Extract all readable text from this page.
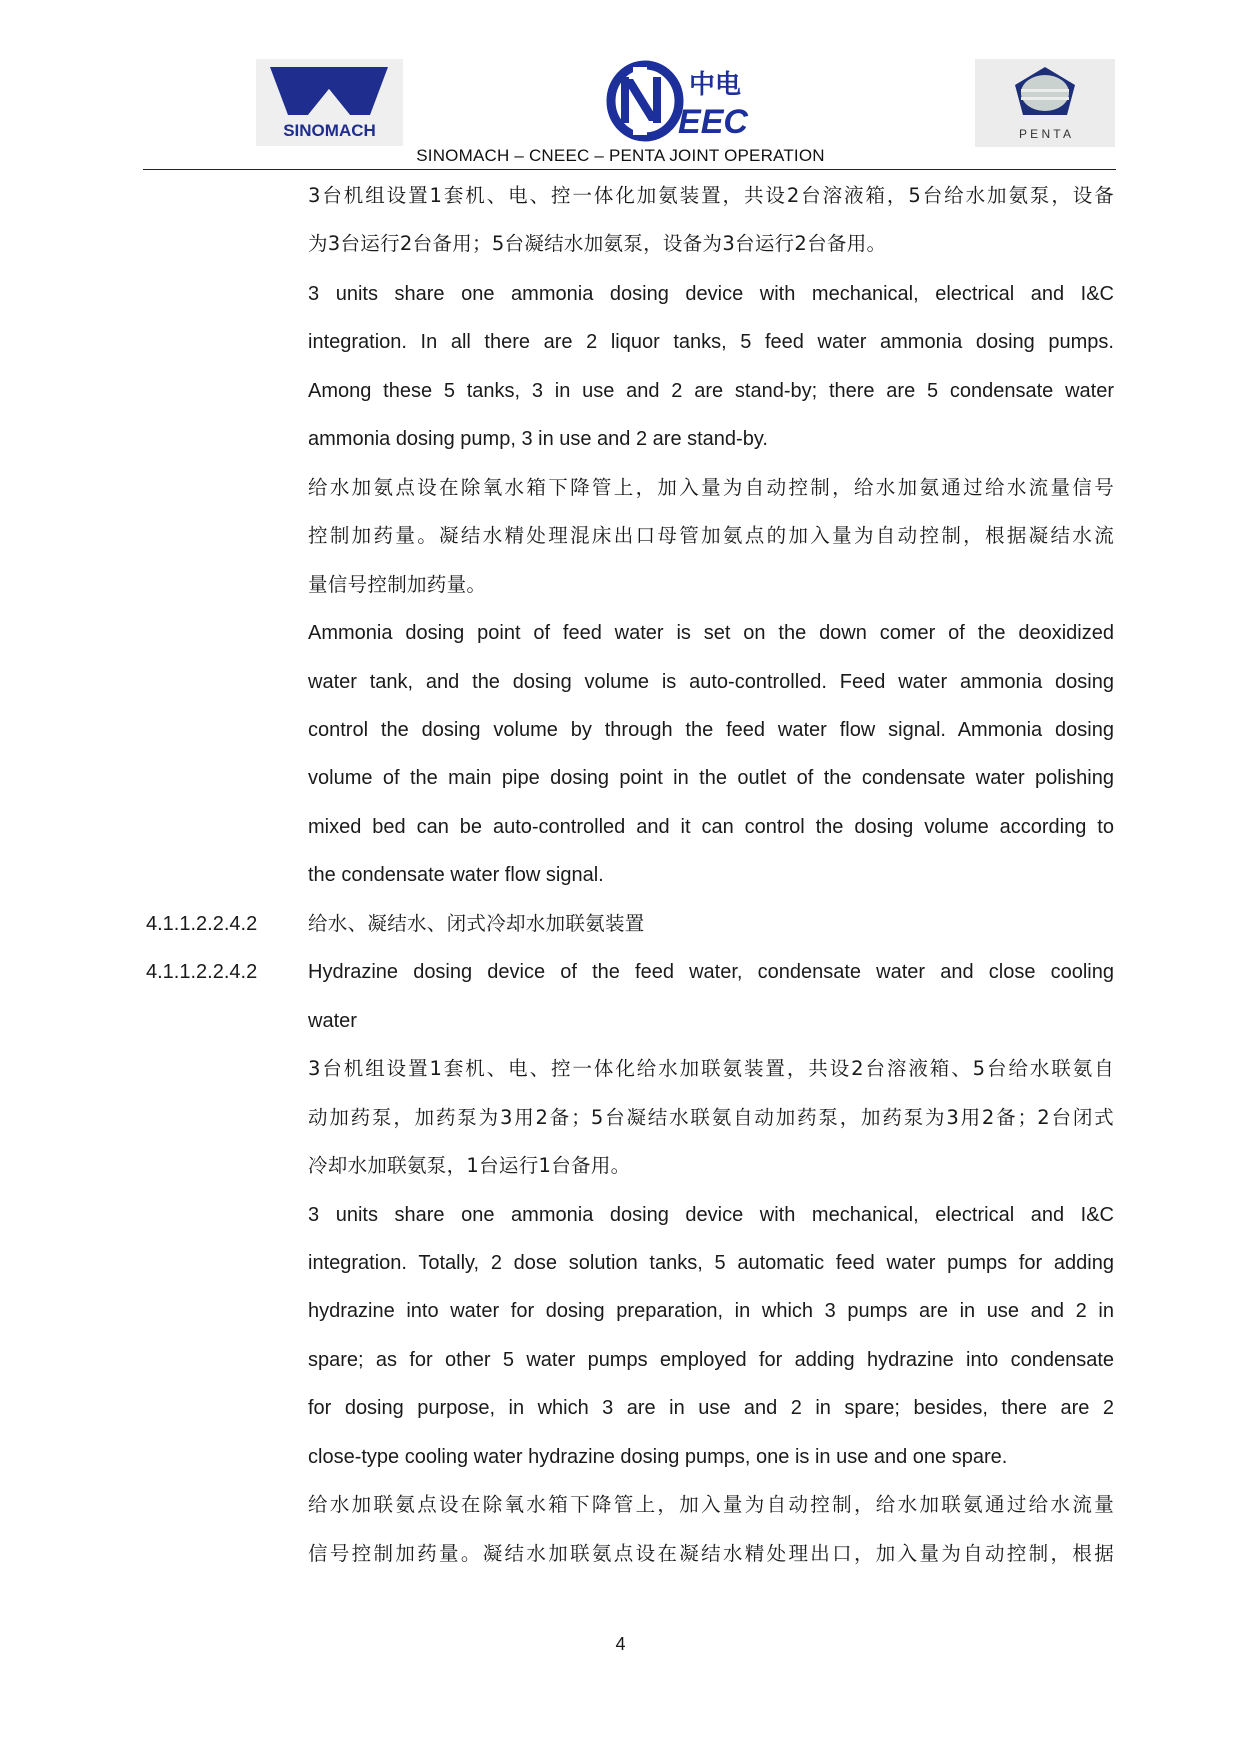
SINOMACH
中电
EEC	P E N T A
SINOMACH – CNEEC – PENTA JOINT OPERATION
3台机组设置1套机、电、控一体化加氨装置，共设2台溶液箱，5台给水加氨泵，设备
为3台运行2台备用；5台凝结水加氨泵，设备为3台运行2台备用。
3 units share one ammonia dosing device with mechanical, electrical and I&C
integration. In all there are 2 liquor tanks, 5 feed water ammonia dosing pumps.
Among these 5 tanks, 3 in use and 2 are stand-by; there are 5 condensate water
ammonia dosing pump, 3 in use and 2 are stand-by.
给水加氨点设在除氧水箱下降管上，加入量为自动控制，给水加氨通过给水流量信号
控制加药量。凝结水精处理混床出口母管加氨点的加入量为自动控制，根据凝结水流
量信号控制加药量。
Ammonia dosing point of feed water is set on the down comer of the deoxidized
water tank, and the dosing volume is auto-controlled. Feed water ammonia dosing
control the dosing volume by through the feed water flow signal. Ammonia dosing
volume of the main pipe dosing point in the outlet of the condensate water polishing
mixed bed can be auto-controlled and it can control the dosing volume according to
the condensate water flow signal.
4.1.1.2.2.4.2	给水、凝结水、闭式冷却水加联氨装置
4.1.1.2.2.4.2	Hydrazine dosing device of the feed water, condensate water and close cooling
water
3台机组设置1套机、电、控一体化给水加联氨装置，共设2台溶液箱、5台给水联氨自
动加药泵，加药泵为3用2备；5台凝结水联氨自动加药泵，加药泵为3用2备；2台闭式
冷却水加联氨泵，1台运行1台备用。
3 units share one ammonia dosing device with mechanical, electrical and I&C
integration. Totally, 2 dose solution tanks, 5 automatic feed water pumps for adding
hydrazine into water for dosing preparation, in which 3 pumps are in use and 2 in
spare; as for other 5 water pumps employed for adding hydrazine into condensate
for dosing purpose, in which 3 are in use and 2 in spare; besides, there are 2
close-type cooling water hydrazine dosing pumps, one is in use and one spare.
给水加联氨点设在除氧水箱下降管上，加入量为自动控制，给水加联氨通过给水流量
信号控制加药量。凝结水加联氨点设在凝结水精处理出口，加入量为自动控制，根据
4
